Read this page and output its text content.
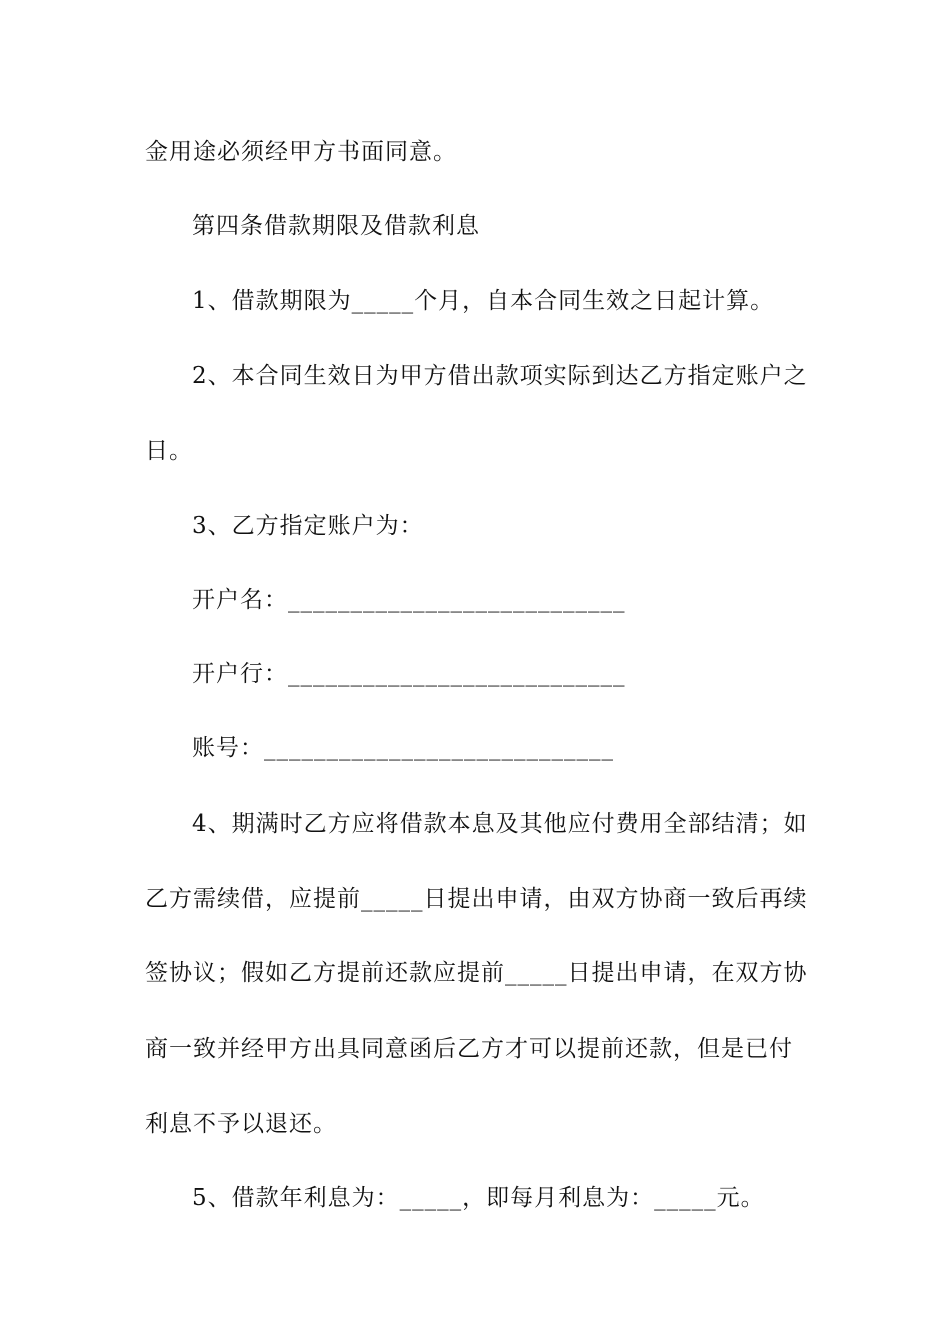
金用途必须经甲方书面同意。
第四条借款期限及借款利息
1、借款期限为_____个月，自本合同生效之日起计算。
2、本合同生效日为甲方借出款项实际到达乙方指定账户之
日。
3、乙方指定账户为：
开户名：___________________________
开户行：___________________________
账号：____________________________
4、期满时乙方应将借款本息及其他应付费用全部结清；如
乙方需续借，应提前_____日提出申请，由双方协商一致后再续
签协议；假如乙方提前还款应提前_____日提出申请，在双方协
商一致并经甲方出具同意函后乙方才可以提前还款，但是已付
利息不予以退还。
5、借款年利息为：_____，即每月利息为：_____元。
